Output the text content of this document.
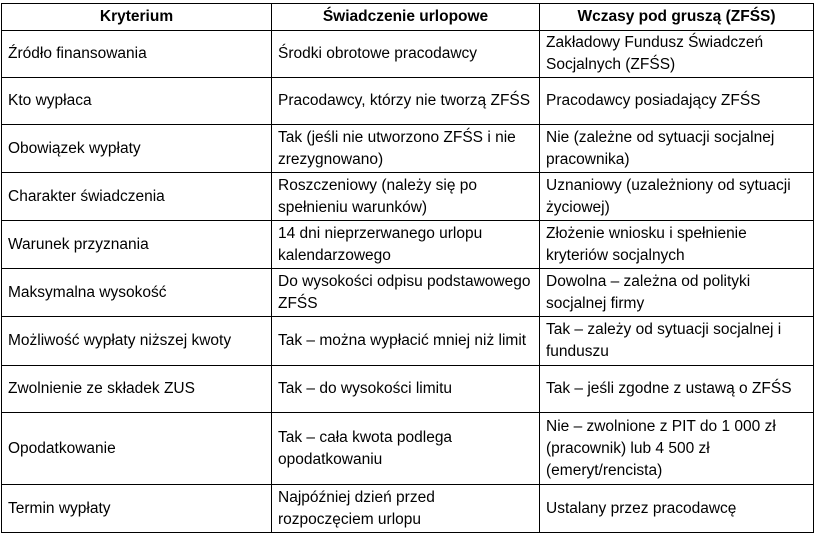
Kryterium	Świadczenie urlopowe	Wczasy pod gruszą (ZFŚS)
Źródło finansowania	Środki obrotowe pracodawcy	Zakładowy Fundusz Świadczeń Socjalnych (ZFŚS)
Kto wypłaca	Pracodawcy, którzy nie tworzą ZFŚS	Pracodawcy posiadający ZFŚS
Obowiązek wypłaty	Tak (jeśli nie utworzono ZFŚS i nie zrezygnowano)	Nie (zależne od sytuacji socjalnej pracownika)
Charakter świadczenia	Roszczeniowy (należy się po spełnieniu warunków)	Uznaniowy (uzależniony od sytuacji życiowej)
Warunek przyznania	14 dni nieprzerwanego urlopu kalendarzowego	Złożenie wniosku i spełnienie kryteriów socjalnych
Maksymalna wysokość	Do wysokości odpisu podstawowego ZFŚS	Dowolna – zależna od polityki socjalnej firmy
Możliwość wypłaty niższej kwoty	Tak – można wypłacić mniej niż limit	Tak – zależy od sytuacji socjalnej i funduszu
Zwolnienie ze składek ZUS	Tak – do wysokości limitu	Tak – jeśli zgodne z ustawą o ZFŚS
Opodatkowanie	Tak – cała kwota podlega opodatkowaniu	Nie – zwolnione z PIT do 1 000 zł (pracownik) lub 4 500 zł (emeryt/rencista)
Termin wypłaty	Najpóźniej dzień przed rozpoczęciem urlopu	Ustalany przez pracodawcę
